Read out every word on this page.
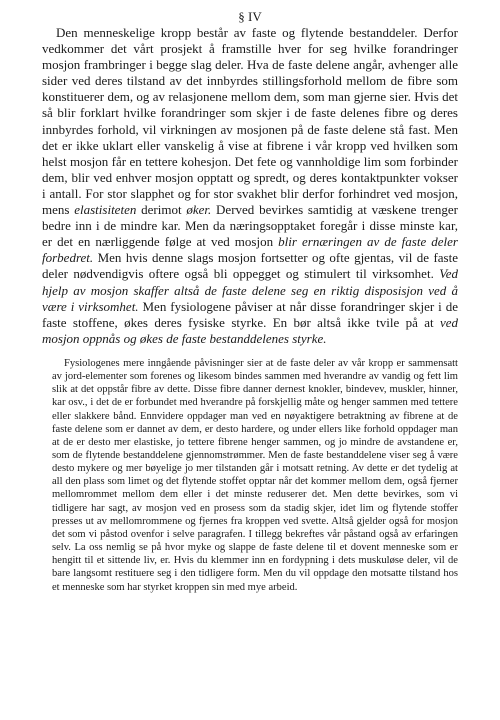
§ IV

Den menneskelige kropp består av faste og flytende bestanddeler. Derfor vedkommer det vårt prosjekt å framstille hver for seg hvilke forandringer mosjon frambringer i begge slag deler. Hva de faste delene angår, avhenger alle sider ved deres tilstand av det innbyrdes stillingsforhold mellom de fibre som konstituerer dem, og av relasjonene mellom dem, som man gjerne sier. Hvis det så blir forklart hvilke forandringer som skjer i de faste delenes fibre og deres innbyrdes forhold, vil virkningen av mosjonen på de faste delene stå fast. Men det er ikke uklart eller vanskelig å vise at fibrene i vår kropp ved hvilken som helst mosjon får en tettere kohesjon. Det fete og vannholdige lim som forbinder dem, blir ved enhver mosjon opptatt og spredt, og deres kontaktpunkter vokser i antall. For stor slapphet og for stor svakhet blir derfor forhindret ved mosjon, mens elastisiteten derimot øker. Derved bevirkes samtidig at væskene trenger bedre inn i de mindre kar. Men da næringsopptaket foregår i disse minste kar, er det en nærliggende følge at ved mosjon blir ernæringen av de faste deler forbedret. Men hvis denne slags mosjon fortsetter og ofte gjentas, vil de faste deler nødvendigvis oftere også bli oppegget og stimulert til virksomhet. Ved hjelp av mosjon skaffer altså de faste delene seg en riktig disposisjon ved å være i virksomhet. Men fysiologene påviser at når disse forandringer skjer i de faste stoffene, økes deres fysiske styrke. En bør altså ikke tvile på at ved mosjon oppnås og økes de faste bestanddelenes styrke.

Fysiologenes mere inngående påvisninger sier at de faste deler av vår kropp er sammensatt av jord-elementer som forenes og likesom bindes sammen med hverandre av vandig og fett lim slik at det oppstår fibre av dette. Disse fibre danner dernest knokler, bindevev, muskler, hinner, kar osv., i det de er forbundet med hverandre på forskjellig måte og henger sammen med tettere eller slakkere bånd. Ennvidere oppdager man ved en nøyaktigere betraktning av fibrene at de faste delene som er dannet av dem, er desto hardere, og under ellers like forhold oppdager man at de er desto mer elastiske, jo tettere fibrene henger sammen, og jo mindre de avstandene er, som de flytende bestanddelene gjennomstrømmer. Men de faste bestanddelene viser seg å være desto mykere og mer bøyelige jo mer tilstanden går i motsatt retning. Av dette er det tydelig at all den plass som limet og det flytende stoffet opptar når det kommer mellom dem, også fjerner mellomrommet mellom dem eller i det minste reduserer det. Men dette bevirkes, som vi tidligere har sagt, av mosjon ved en prosess som da stadig skjer, idet lim og flytende stoffer presses ut av mellomrommene og fjernes fra kroppen ved svette. Altså gjelder også for mosjon det som vi påstod ovenfor i selve paragrafen. I tillegg bekreftes vår påstand også av erfaringen selv. La oss nemlig se på hvor myke og slappe de faste delene til et dovent menneske som er hengitt til et sittende liv, er. Hvis du klemmer inn en fordypning i dets muskuløse deler, vil de bare langsomt restituere seg i den tidligere form. Men du vil oppdage den motsatte tilstand hos et menneske som har styrket kroppen sin med mye arbeid.
